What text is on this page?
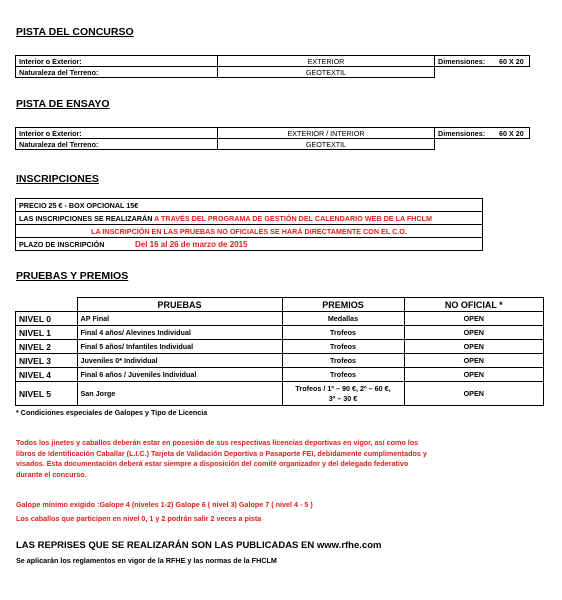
PISTA DEL CONCURSO
Interior o Exterior:	EXTERIOR	Dimensiones:	60 X 20
Naturaleza del Terreno:	GEOTEXTIL		
PISTA DE ENSAYO
Interior o Exterior:	EXTERIOR / INTERIOR	Dimensiones:	60 X 20
Naturaleza del Terreno:	GEOTEXTIL		
INSCRIPCIONES
PRECIO 25 € - BOX OPCIONAL 15€
LAS INSCRIPCIONES SE REALIZARÁN A TRAVÉS DEL PROGRAMA DE GESTIÓN DEL CALENDARIO WEB DE LA FHCLM
LA INSCRIPCIÓN EN LAS PRUEBAS NO OFICIALES SE HARÁ DIRECTAMENTE CON EL C.O.
PLAZO DE INSCRIPCIÓN	Del 16 al 26 de marzo de 2015
PRUEBAS Y PREMIOS
	PRUEBAS	PREMIOS	NO OFICIAL *
NIVEL 0	AP Final	Medallas	OPEN
NIVEL 1	Final 4 años/ Alevines Individual	Trofeos	OPEN
NIVEL 2	Final 5 años/ Infantiles Individual	Trofeos	OPEN
NIVEL 3	Juveniles 0* Individual	Trofeos	OPEN
NIVEL 4	Final 6 años / Juveniles Individual	Trofeos	OPEN
NIVEL 5	San Jorge	Trofeos / 1º – 90 €, 2º – 60 €,
3º – 30 €	OPEN
* Condiciones especiales de Galopes y Tipo de Licencia
Todos los jinetes y caballos deberán estar en posesión de sus respectivas licencias deportivas en vigor, así como los
libros de Identificación Caballar (L.I.C.) Tarjeta de Validación Deportiva o Pasaporte FEI, debidamente cumplimentados y
visados. Esta documentación deberá estar siempre a disposición del comité organizador y del delegado federativo
durante el concurso.
Galope mínimo exigido :Galope 4 (niveles 1-2) Galope 6 ( nivel 3) Galope 7 ( nivel 4 - 5 )
Los caballos que participen en nivel 0, 1 y 2 podrán salir 2 veces a pista
LAS REPRISES QUE SE REALIZARÁN SON LAS PUBLICADAS EN www.rfhe.com
Se aplicarán los reglamentos en vigor de la RFHE y las normas de la FHCLM
